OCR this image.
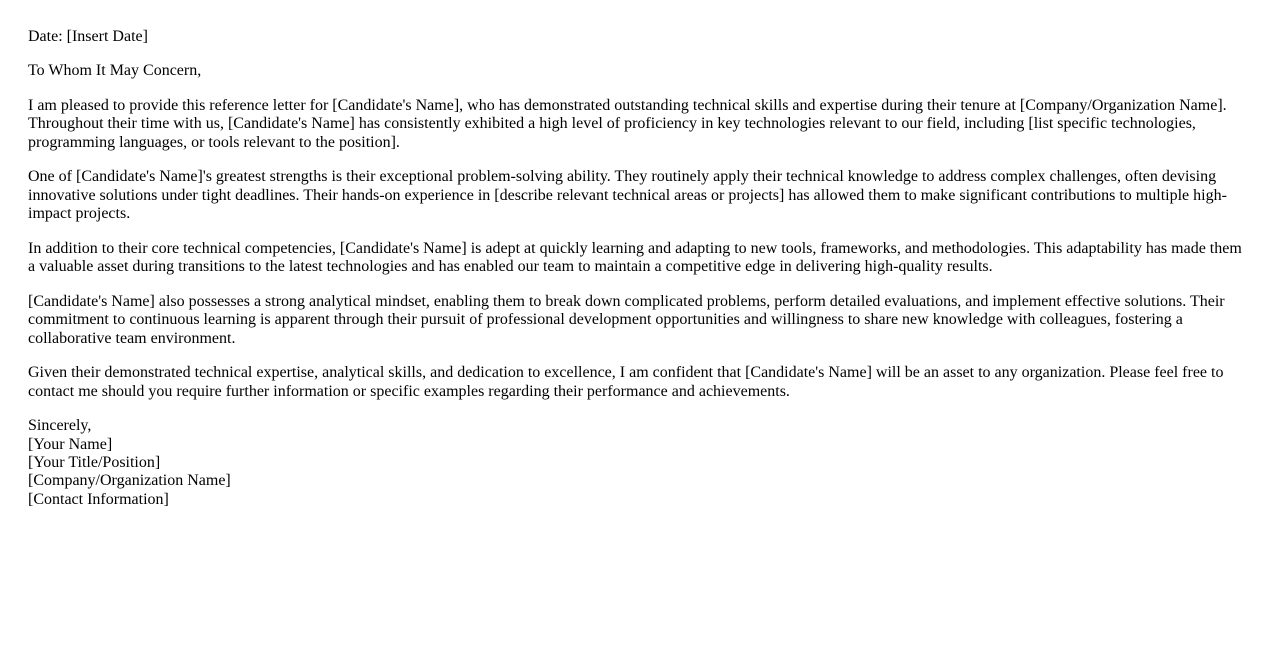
Date: [Insert Date]

To Whom It May Concern,

I am pleased to provide this reference letter for [Candidate's Name], who has demonstrated outstanding technical skills and expertise during their tenure at [Company/Organization Name]. Throughout their time with us, [Candidate's Name] has consistently exhibited a high level of proficiency in key technologies relevant to our field, including [list specific technologies, programming languages, or tools relevant to the position].

One of [Candidate's Name]'s greatest strengths is their exceptional problem-solving ability. They routinely apply their technical knowledge to address complex challenges, often devising innovative solutions under tight deadlines. Their hands-on experience in [describe relevant technical areas or projects] has allowed them to make significant contributions to multiple high-impact projects.

In addition to their core technical competencies, [Candidate's Name] is adept at quickly learning and adapting to new tools, frameworks, and methodologies. This adaptability has made them a valuable asset during transitions to the latest technologies and has enabled our team to maintain a competitive edge in delivering high-quality results.

[Candidate's Name] also possesses a strong analytical mindset, enabling them to break down complicated problems, perform detailed evaluations, and implement effective solutions. Their commitment to continuous learning is apparent through their pursuit of professional development opportunities and willingness to share new knowledge with colleagues, fostering a collaborative team environment.

Given their demonstrated technical expertise, analytical skills, and dedication to excellence, I am confident that [Candidate's Name] will be an asset to any organization. Please feel free to contact me should you require further information or specific examples regarding their performance and achievements.

Sincerely,
[Your Name]
[Your Title/Position]
[Company/Organization Name]
[Contact Information]
